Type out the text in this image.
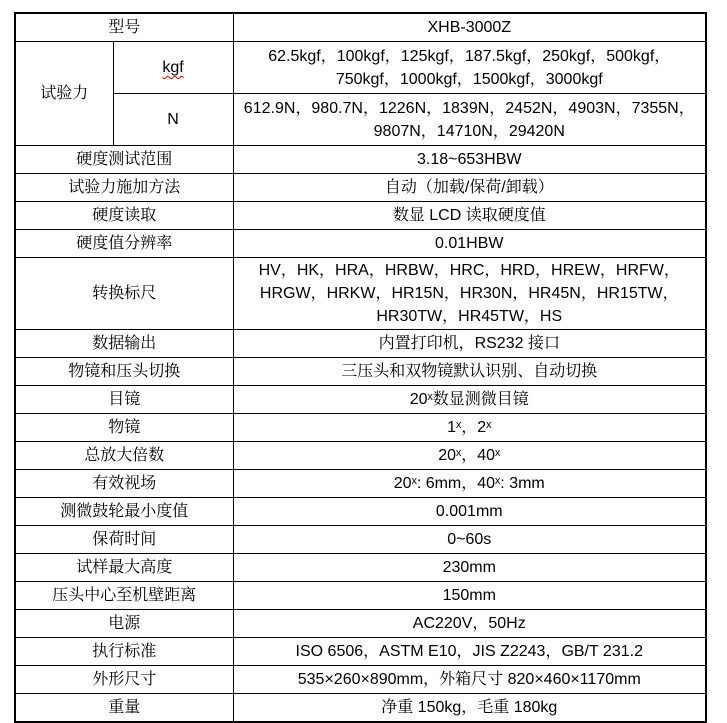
型号		XHB-3000Z
试验力	kgf	62.5kgf，100kgf，125kgf，187.5kgf，250kgf，500kgf，750kgf，1000kgf，1500kgf，3000kgf
	N	612.9N，980.7N，1226N，1839N，2452N，4903N，7355N，9807N，14710N，29420N
硬度测试范围		3.18~653HBW
试验力施加方法		自动（加载/保荷/卸载）
硬度读取		数显 LCD 读取硬度值
硬度值分辨率		0.01HBW
转换标尺		HV，HK，HRA，HRBW，HRC，HRD，HREW，HRFW，HRGW，HRKW，HR15N，HR30N，HR45N，HR15TW，HR30TW，HR45TW，HS
数据输出		内置打印机，RS232 接口
物镜和压头切换		三压头和双物镜默认识别、自动切换
目镜		20ˣ数显测微目镜
物镜		1ˣ，2ˣ
总放大倍数		20ˣ，40ˣ
有效视场		20ˣ: 6mm，40ˣ: 3mm
测微鼓轮最小度值		0.001mm
保荷时间		0~60s
试样最大高度		230mm
压头中心至机壁距离		150mm
电源		AC220V，50Hz
执行标准		ISO 6506，ASTM E10，JIS Z2243，GB/T 231.2
外形尺寸		535×260×890mm，外箱尺寸 820×460×1170mm
重量		净重 150kg，毛重 180kg
